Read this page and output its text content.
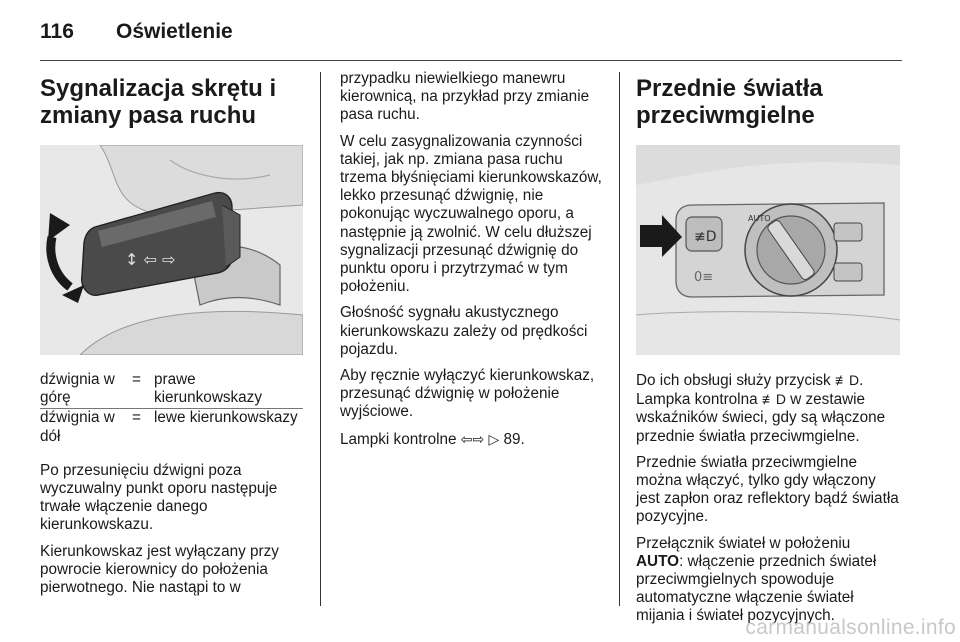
116 Oświetlenie
Sygnalizacja skrętu i zmiany pasa ruchu
↕ ⇦ ⇨
dźwignia w górę	=	prawe kierunkowskazy
dźwignia w dół	=	lewe kierunkowskazy

Po przesunięciu dźwigni poza wyczuwalny punkt oporu następuje trwałe włączenie danego kierunkowskazu.

Kierunkowskaz jest wyłączany przy powrocie kierownicy do położenia pierwotnego. Nie nastąpi to w

przypadku niewielkiego manewru kierownicą, na przykład przy zmianie pasa ruchu.

W celu zasygnalizowania czynności takiej, jak np. zmiana pasa ruchu trzema błyśnięciami kierunkowskazów, lekko przesunąć dźwignię, nie pokonując wyczuwalnego oporu, a następnie ją zwolnić. W celu dłuższej sygnalizacji przesunąć dźwignię do punktu oporu i przytrzymać w tym położeniu.

Głośność sygnału akustycznego kierunkowskazu zależy od prędkości pojazdu.

Aby ręcznie wyłączyć kierunkowskaz, przesunąć dźwignię w położenie wyjściowe.

Lampki kontrolne ⇦⇨ ▷ 89.

Przednie światła przeciwmgielne
≢D
0≡
AUTO

Do ich obsługi służy przycisk ≢D. Lampka kontrolna ≢D w zestawie wskaźników świeci, gdy są włączone przednie światła przeciwmgielne.

Przednie światła przeciwmgielne można włączyć, tylko gdy włączony jest zapłon oraz reflektory bądź światła pozycyjne.

Przełącznik świateł w położeniu AUTO: włączenie przednich świateł przeciwmgielnych spowoduje automatyczne włączenie świateł mijania i świateł pozycyjnych.

carmanualsonline.info
